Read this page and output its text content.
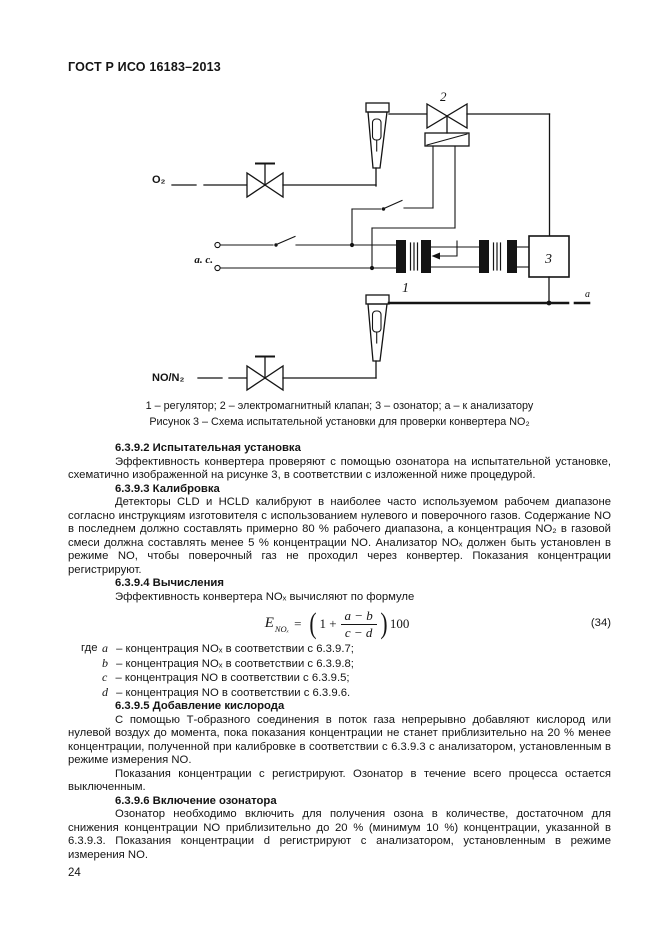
ГОСТ Р ИСО 16183–2013
O₂
2
а. с.
1
3
a
NO/N₂
1 – регулятор; 2 – электромагнитный клапан; 3 – озонатор; а – к анализатору
Рисунок 3 – Схема испытательной установки для проверки конвертера NO₂
6.3.9.2 Испытательная установка

Эффективность конвертера проверяют с помощью озонатора на испытательной установке, схематично изображенной на рисунке 3, в соответствии с изложенной ниже процедурой.

6.3.9.3 Калибровка

Детекторы CLD и HCLD калибруют в наиболее часто используемом рабочем диапазоне согласно инструкциям изготовителя с использованием нулевого и поверочного газов. Содержание NO в последнем должно составлять примерно 80 % рабочего диапазона, а концентрация NO₂ в газовой смеси должна составлять менее 5 % концентрации NO. Анализатор NOₓ должен быть установлен в режиме NO, чтобы поверочный газ не проходил через конвертер. Показания концентрации регистрируют.

6.3.9.4 Вычисления

Эффективность конвертера NOₓ вычисляют по формуле

E NOₓ = ( $1 + \frac{a - b}{c - d}$ ) 100	(34)
где a – концентрация NOₓ в соответствии с 6.3.9.7;
b – концентрация NOₓ в соответствии с 6.3.9.8;
c – концентрация NO в соответствии с 6.3.9.5;
d – концентрация NO в соответствии с 6.3.9.6.
6.3.9.5 Добавление кислорода

С помощью Т-образного соединения в поток газа непрерывно добавляют кислород или нулевой воздух до момента, пока показания концентрации не станет приблизительно на 20 % менее концентрации, полученной при калибровке в соответствии с 6.3.9.3 с анализатором, установленным в режиме измерения NO.

Показания концентрации c регистрируют. Озонатор в течение всего процесса остается выключенным.

6.3.9.6 Включение озонатора

Озонатор необходимо включить для получения озона в количестве, достаточном для снижения концентрации NO приблизительно до 20 % (минимум 10 %) концентрации, указанной в 6.3.9.3. Показания концентрации d регистрируют с анализатором, установленным в режиме измерения NO.

24
